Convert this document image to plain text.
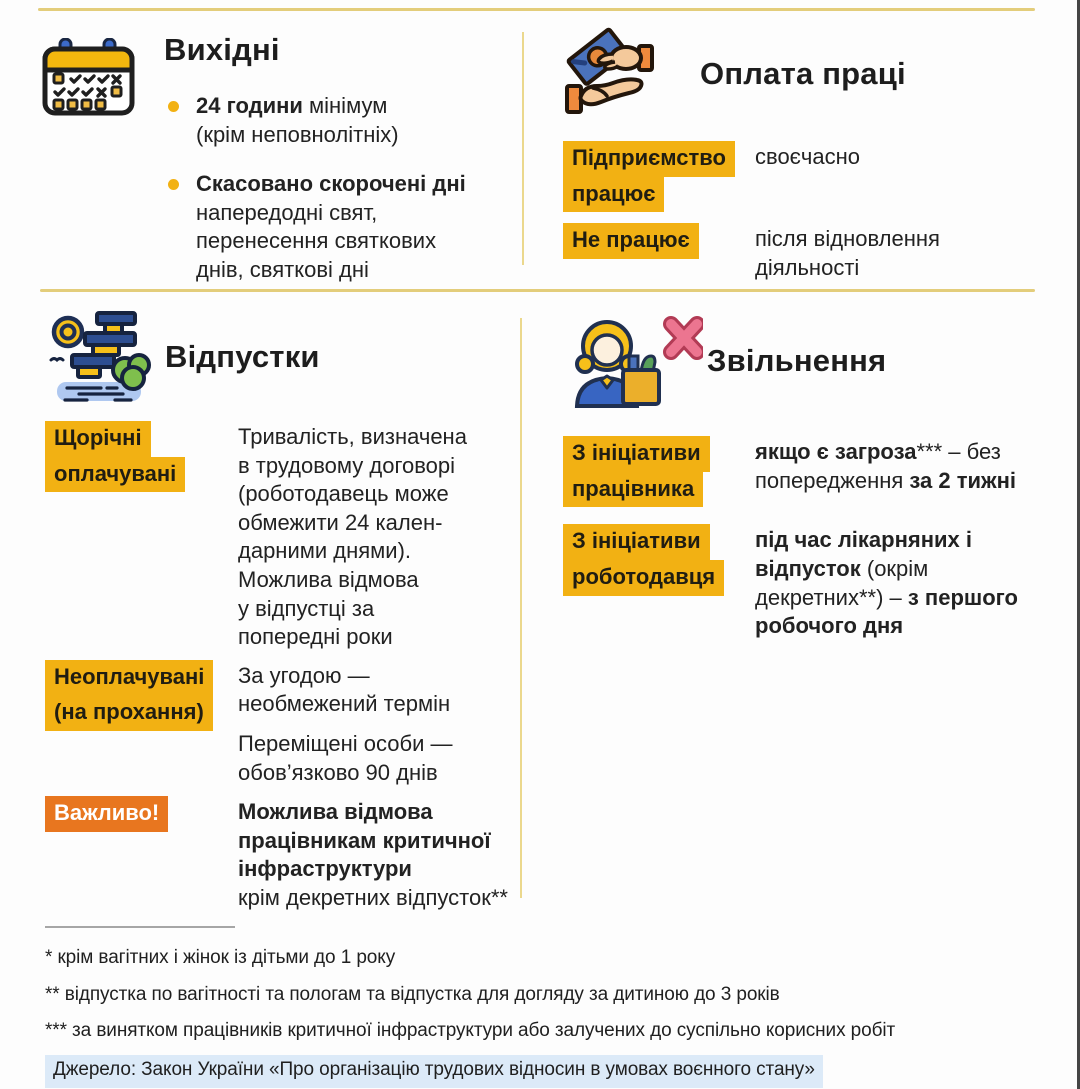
Вихідні
24 години мінімум
(крім неповнолітніх)
Скасовано скорочені дні
напередодні свят,
перенесення святкових
днів, святкові дні
Оплата праці
Підприємство
працює
своєчасно
Не працює	після відновлення
діяльності
Відпустки
Щорічні
оплачувані
Тривалість, визначена
в трудовому договорі
(роботодавець може
обмежити 24 кален-
дарними днями).
Можлива відмова
у відпустці за
попередні роки
Неоплачувані
(на прохання)
За угодою —
необмежений термін
Переміщені особи —
обов’язково 90 днів
Важливо!	Можлива відмова
працівникам критичної
інфраструктури
крім декретних відпусток**
Звільнення
З ініціативи
працівника
якщо є загроза*** – без
попередження за 2 тижні
З ініціативи
роботодавця
під час лікарняних і
відпусток (окрім
декретних**) – з першого
робочого дня
* крім вагітних і жінок із дітьми до 1 року
** відпустка по вагітності та пологам та відпустка для догляду за дитиною до 3 років
*** за винятком працівників критичної інфраструктури або залучених до суспільно корисних робіт
Джерело: Закон України «Про організацію трудових відносин в умовах воєнного стану»
